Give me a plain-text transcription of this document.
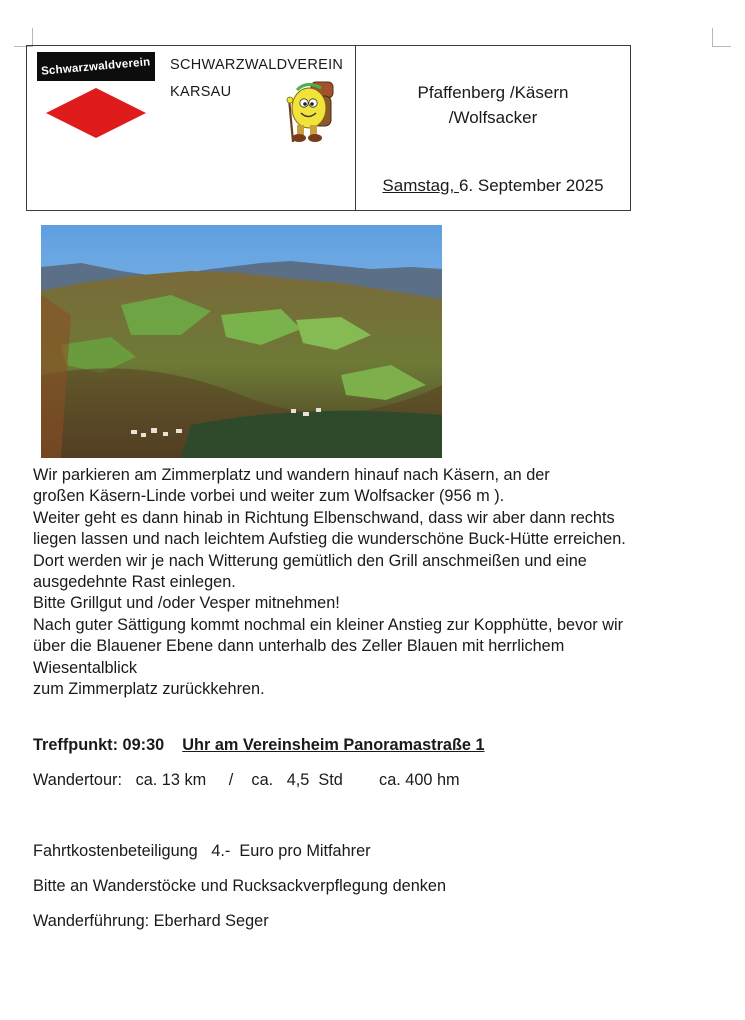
Schwarzwaldverein SCHWARZWALDVEREIN
KARSAU	Pfaffenberg /Käsern
/Wolfsacker
Samstag, 6. September 2025
Wir parkieren am Zimmerplatz und wandern hinauf nach Käsern, an der
großen Käsern-Linde vorbei und weiter zum Wolfsacker (956 m ).
Weiter geht es dann hinab in Richtung Elbenschwand, dass wir aber dann rechts
liegen lassen und nach leichtem Aufstieg die wunderschöne Buck-Hütte erreichen.
Dort werden wir je nach Witterung gemütlich den Grill anschmeißen und eine
ausgedehnte Rast einlegen.
Bitte Grillgut und /oder Vesper mitnehmen!
Nach guter Sättigung kommt nochmal ein kleiner Anstieg zur Kopphütte, bevor wir
über die Blauener Ebene dann unterhalb des Zeller Blauen mit herrlichem
Wiesentalblick
zum Zimmerplatz zurückkehren.
Treffpunkt: 09:30 Uhr am Vereinsheim Panoramastraße 1
Wandertour: ca. 13 km / ca.   4,5  Std ca. 400 hm
Fahrtkostenbeteiligung 4.-  Euro pro Mitfahrer
Bitte an Wanderstöcke und Rucksackverpflegung denken
Wanderführung: Eberhard Seger
